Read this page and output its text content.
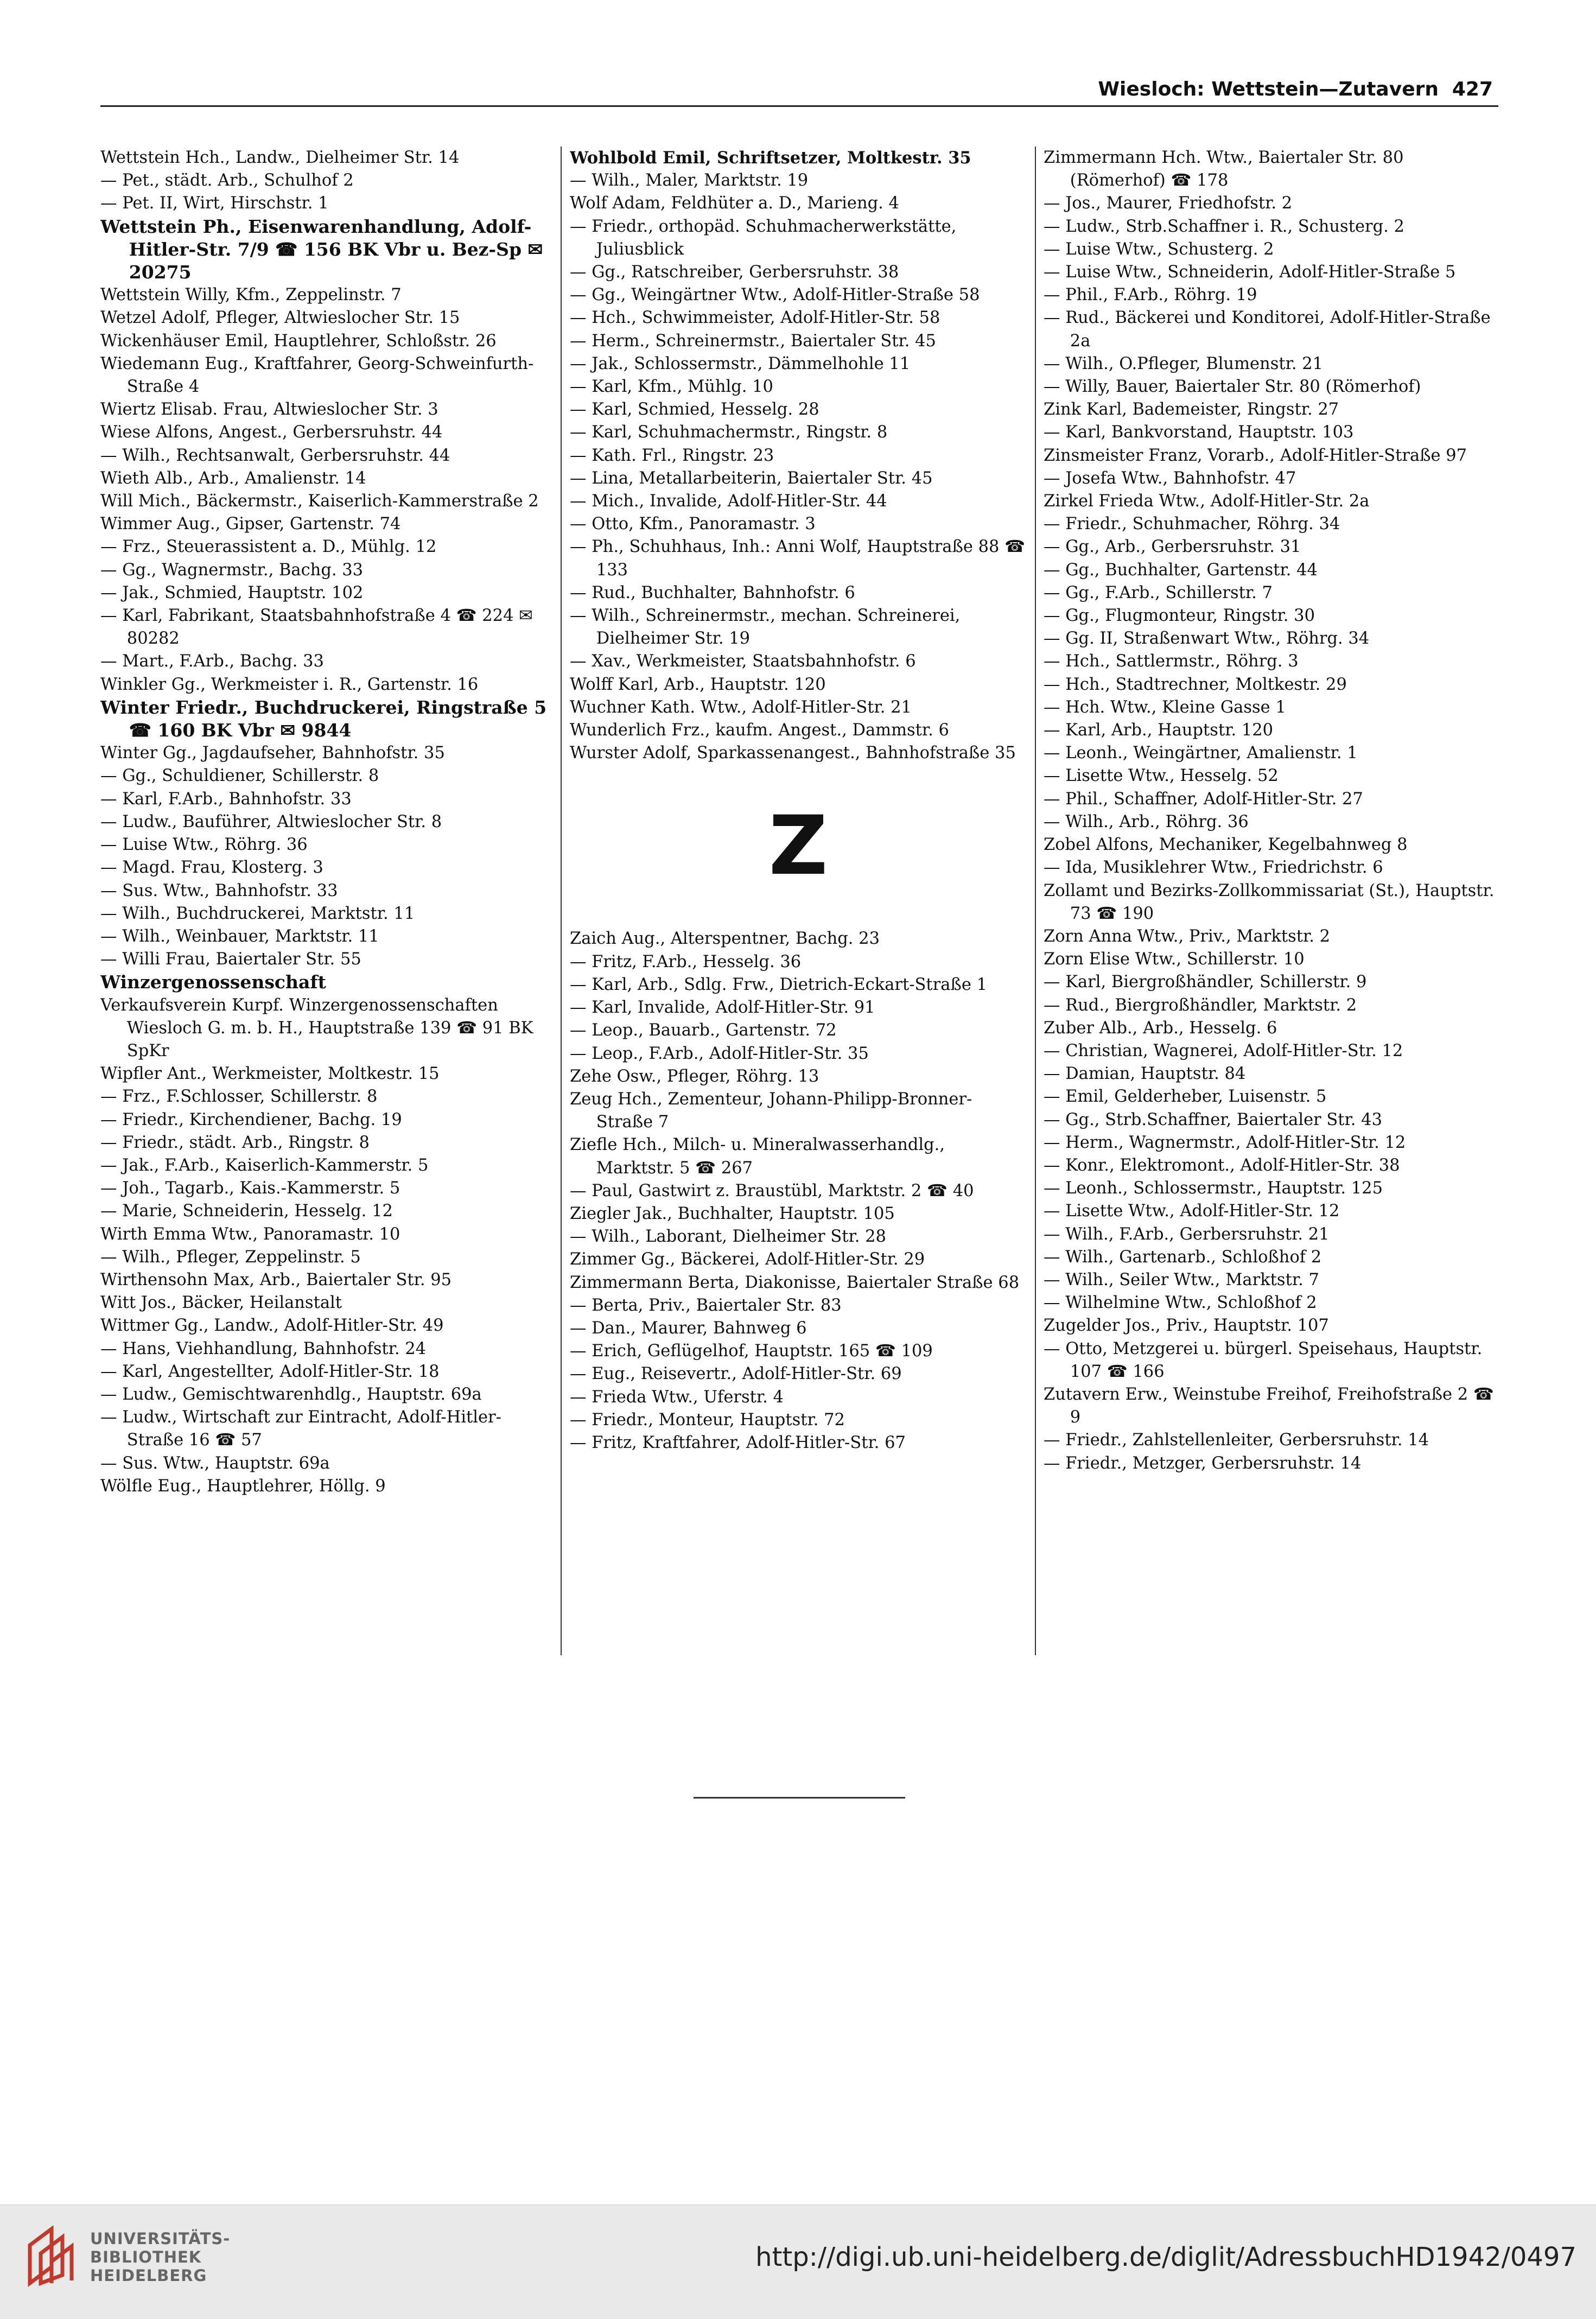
Wiesloch: Wettstein—Zutavern 427
Wettstein Hch., Landw., Dielheimer Str. 14
— Pet., städt. Arb., Schulhof 2
— Pet. II, Wirt, Hirschstr. 1
Wettstein Ph., Eisenwarenhandlung, Adolf-Hitler-Str. 7/9 ☎ 156 BK Vbr u. Bez-Sp ✉ 20275
Wettstein Willy, Kfm., Zeppelinstr. 7
Wetzel Adolf, Pfleger, Altwieslocher Str. 15
Wickenhäuser Emil, Hauptlehrer, Schloßstr. 26
Wiedemann Eug., Kraftfahrer, Georg-Schweinfurth-Straße 4
Wiertz Elisab. Frau, Altwieslocher Str. 3
Wiese Alfons, Angest., Gerbersruhstr. 44
— Wilh., Rechtsanwalt, Gerbersruhstr. 44
Wieth Alb., Arb., Amalienstr. 14
Will Mich., Bäckermstr., Kaiserlich-Kammerstraße 2
Wimmer Aug., Gipser, Gartenstr. 74
— Frz., Steuerassistent a. D., Mühlg. 12
— Gg., Wagnermstr., Bachg. 33
— Jak., Schmied, Hauptstr. 102
— Karl, Fabrikant, Staatsbahnhofstraße 4 ☎ 224 ✉ 80282
— Mart., F.Arb., Bachg. 33
Winkler Gg., Werkmeister i. R., Gartenstr. 16
Winter Friedr., Buchdruckerei, Ringstraße 5 ☎ 160 BK Vbr ✉ 9844
Winter Gg., Jagdaufseher, Bahnhofstr. 35
— Gg., Schuldiener, Schillerstr. 8
— Karl, F.Arb., Bahnhofstr. 33
— Ludw., Bauführer, Altwieslocher Str. 8
— Luise Wtw., Röhrg. 36
— Magd. Frau, Klosterg. 3
— Sus. Wtw., Bahnhofstr. 33
— Wilh., Buchdruckerei, Marktstr. 11
— Wilh., Weinbauer, Marktstr. 11
— Willi Frau, Baiertaler Str. 55
Winzergenossenschaft
Verkaufsverein Kurpf. Winzergenossenschaften Wiesloch G. m. b. H., Hauptstraße 139 ☎ 91 BK SpKr
Wipfler Ant., Werkmeister, Moltkestr. 15
— Frz., F.Schlosser, Schillerstr. 8
— Friedr., Kirchendiener, Bachg. 19
— Friedr., städt. Arb., Ringstr. 8
— Jak., F.Arb., Kaiserlich-Kammerstr. 5
— Joh., Tagarb., Kais.-Kammerstr. 5
— Marie, Schneiderin, Hesselg. 12
Wirth Emma Wtw., Panoramastr. 10
— Wilh., Pfleger, Zeppelinstr. 5
Wirthensohn Max, Arb., Baiertaler Str. 95
Witt Jos., Bäcker, Heilanstalt
Wittmer Gg., Landw., Adolf-Hitler-Str. 49
— Hans, Viehhandlung, Bahnhofstr. 24
— Karl, Angestellter, Adolf-Hitler-Str. 18
— Ludw., Gemischtwarenhdlg., Hauptstr. 69a
— Ludw., Wirtschaft zur Eintracht, Adolf-Hitler-Straße 16 ☎ 57
— Sus. Wtw., Hauptstr. 69a
Wölfle Eug., Hauptlehrer, Höllg. 9
Wohlbold Emil, Schriftsetzer, Moltkestr. 35
— Wilh., Maler, Marktstr. 19
Wolf Adam, Feldhüter a. D., Marieng. 4
— Friedr., orthopäd. Schuhmacherwerkstätte, Juliusblick
— Gg., Ratschreiber, Gerbersruhstr. 38
— Gg., Weingärtner Wtw., Adolf-Hitler-Straße 58
— Hch., Schwimmeister, Adolf-Hitler-Str. 58
— Herm., Schreinermstr., Baiertaler Str. 45
— Jak., Schlossermstr., Dämmelhohle 11
— Karl, Kfm., Mühlg. 10
— Karl, Schmied, Hesselg. 28
— Karl, Schuhmachermstr., Ringstr. 8
— Kath. Frl., Ringstr. 23
— Lina, Metallarbeiterin, Baiertaler Str. 45
— Mich., Invalide, Adolf-Hitler-Str. 44
— Otto, Kfm., Panoramastr. 3
— Ph., Schuhhaus, Inh.: Anni Wolf, Hauptstraße 88 ☎ 133
— Rud., Buchhalter, Bahnhofstr. 6
— Wilh., Schreinermstr., mechan. Schreinerei, Dielheimer Str. 19
— Xav., Werkmeister, Staatsbahnhofstr. 6
Wolff Karl, Arb., Hauptstr. 120
Wuchner Kath. Wtw., Adolf-Hitler-Str. 21
Wunderlich Frz., kaufm. Angest., Dammstr. 6
Wurster Adolf, Sparkassenangest., Bahnhofstraße 35
Z
Zaich Aug., Alterspentner, Bachg. 23
— Fritz, F.Arb., Hesselg. 36
— Karl, Arb., Sdlg. Frw., Dietrich-Eckart-Straße 1
— Karl, Invalide, Adolf-Hitler-Str. 91
— Leop., Bauarb., Gartenstr. 72
— Leop., F.Arb., Adolf-Hitler-Str. 35
Zehe Osw., Pfleger, Röhrg. 13
Zeug Hch., Zementeur, Johann-Philipp-Bronner-Straße 7
Ziefle Hch., Milch- u. Mineralwasserhandlg., Marktstr. 5 ☎ 267
— Paul, Gastwirt z. Braustübl, Marktstr. 2 ☎ 40
Ziegler Jak., Buchhalter, Hauptstr. 105
— Wilh., Laborant, Dielheimer Str. 28
Zimmer Gg., Bäckerei, Adolf-Hitler-Str. 29
Zimmermann Berta, Diakonisse, Baiertaler Straße 68
— Berta, Priv., Baiertaler Str. 83
— Dan., Maurer, Bahnweg 6
— Erich, Geflügelhof, Hauptstr. 165 ☎ 109
— Eug., Reisevertr., Adolf-Hitler-Str. 69
— Frieda Wtw., Uferstr. 4
— Friedr., Monteur, Hauptstr. 72
— Fritz, Kraftfahrer, Adolf-Hitler-Str. 67
Zimmermann Hch. Wtw., Baiertaler Str. 80 (Römerhof) ☎ 178
— Jos., Maurer, Friedhofstr. 2
— Ludw., Strb.Schaffner i. R., Schusterg. 2
— Luise Wtw., Schusterg. 2
— Luise Wtw., Schneiderin, Adolf-Hitler-Straße 5
— Phil., F.Arb., Röhrg. 19
— Rud., Bäckerei und Konditorei, Adolf-Hitler-Straße 2a
— Wilh., O.Pfleger, Blumenstr. 21
— Willy, Bauer, Baiertaler Str. 80 (Römerhof)
Zink Karl, Bademeister, Ringstr. 27
— Karl, Bankvorstand, Hauptstr. 103
Zinsmeister Franz, Vorarb., Adolf-Hitler-Straße 97
— Josefa Wtw., Bahnhofstr. 47
Zirkel Frieda Wtw., Adolf-Hitler-Str. 2a
— Friedr., Schuhmacher, Röhrg. 34
— Gg., Arb., Gerbersruhstr. 31
— Gg., Buchhalter, Gartenstr. 44
— Gg., F.Arb., Schillerstr. 7
— Gg., Flugmonteur, Ringstr. 30
— Gg. II, Straßenwart Wtw., Röhrg. 34
— Hch., Sattlermstr., Röhrg. 3
— Hch., Stadtrechner, Moltkestr. 29
— Hch. Wtw., Kleine Gasse 1
— Karl, Arb., Hauptstr. 120
— Leonh., Weingärtner, Amalienstr. 1
— Lisette Wtw., Hesselg. 52
— Phil., Schaffner, Adolf-Hitler-Str. 27
— Wilh., Arb., Röhrg. 36
Zobel Alfons, Mechaniker, Kegelbahnweg 8
— Ida, Musiklehrer Wtw., Friedrichstr. 6
Zollamt und Bezirks-Zollkommissariat (St.), Hauptstr. 73 ☎ 190
Zorn Anna Wtw., Priv., Marktstr. 2
Zorn Elise Wtw., Schillerstr. 10
— Karl, Biergroßhändler, Schillerstr. 9
— Rud., Biergroßhändler, Marktstr. 2
Zuber Alb., Arb., Hesselg. 6
— Christian, Wagnerei, Adolf-Hitler-Str. 12
— Damian, Hauptstr. 84
— Emil, Gelderheber, Luisenstr. 5
— Gg., Strb.Schaffner, Baiertaler Str. 43
— Herm., Wagnermstr., Adolf-Hitler-Str. 12
— Konr., Elektromont., Adolf-Hitler-Str. 38
— Leonh., Schlossermstr., Hauptstr. 125
— Lisette Wtw., Adolf-Hitler-Str. 12
— Wilh., F.Arb., Gerbersruhstr. 21
— Wilh., Gartenarb., Schloßhof 2
— Wilh., Seiler Wtw., Marktstr. 7
— Wilhelmine Wtw., Schloßhof 2
Zugelder Jos., Priv., Hauptstr. 107
— Otto, Metzgerei u. bürgerl. Speisehaus, Hauptstr. 107 ☎ 166
Zutavern Erw., Weinstube Freihof, Freihofstraße 2 ☎ 9
— Friedr., Zahlstellenleiter, Gerbersruhstr. 14
— Friedr., Metzger, Gerbersruhstr. 14
UNIVERSITÄTS-
BIBLIOTHEK
HEIDELBERG
http://digi.ub.uni-heidelberg.de/diglit/AdressbuchHD1942/0497
